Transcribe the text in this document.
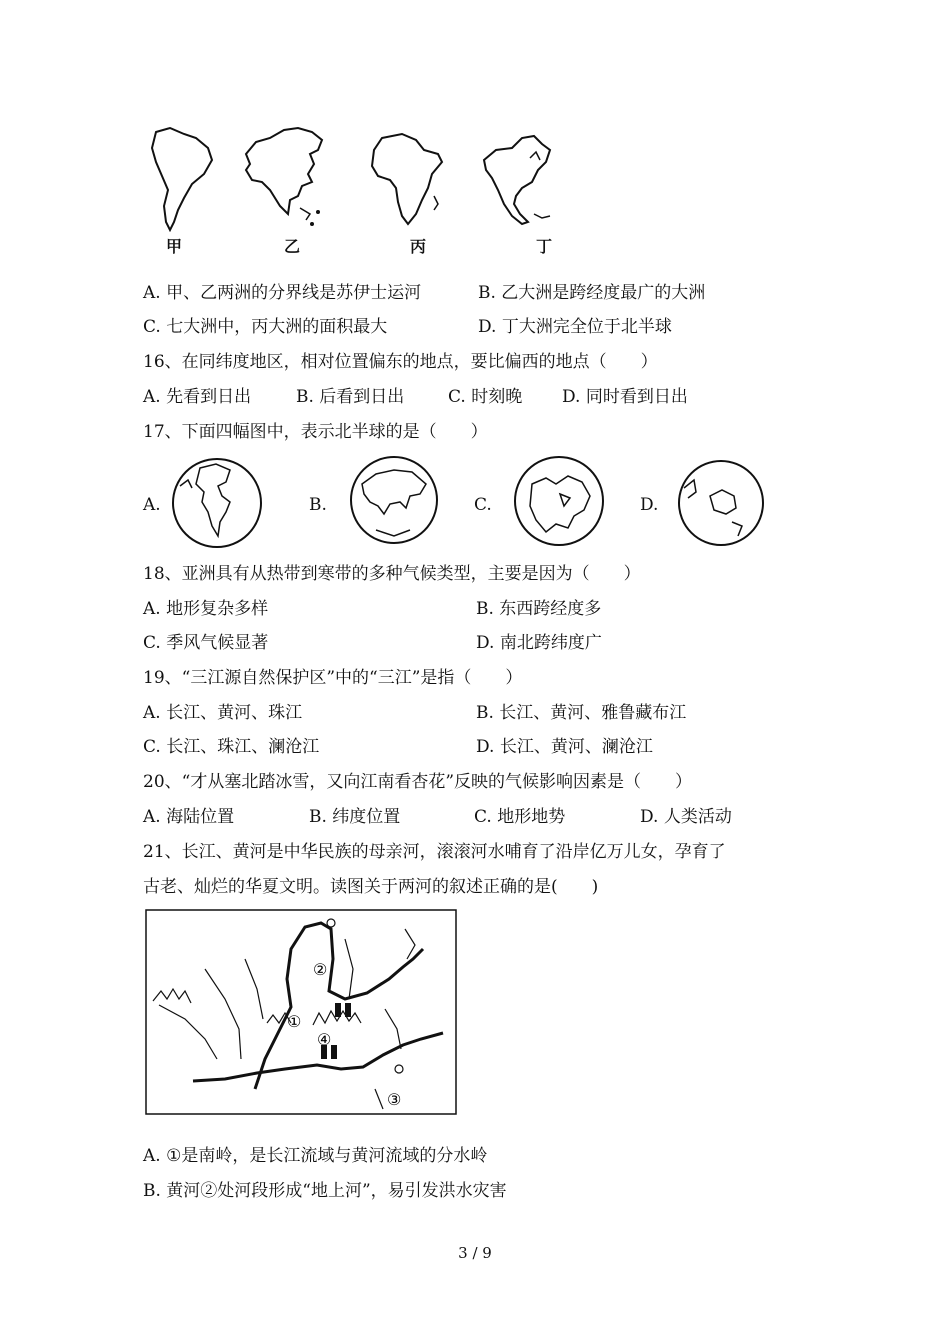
甲	乙	丙	丁
A. 甲、乙两洲的分界线是苏伊士运河	B. 乙大洲是跨经度最广的大洲
C. 七大洲中，丙大洲的面积最大	D. 丁大洲完全位于北半球
16、在同纬度地区，相对位置偏东的地点，要比偏西的地点（　　）
A. 先看到日出	B. 后看到日出	C. 时刻晚 D. 同时看到日出
17、下面四幅图中，表示北半球的是（　　）
A.	B.	C.	D.
18、亚洲具有从热带到寒带的多种气候类型，主要是因为（　　）
A. 地形复杂多样	B. 东西跨经度多
C. 季风气候显著	D. 南北跨纬度广
19、“三江源自然保护区”中的“三江”是指（　　）
A. 长江、黄河、珠江	B. 长江、黄河、雅鲁藏布江
C. 长江、珠江、澜沧江	D. 长江、黄河、澜沧江
20、“才从塞北踏冰雪，又向江南看杏花”反映的气候影响因素是（　　）
A. 海陆位置	B. 纬度位置	C. 地形地势	D. 人类活动
21、长江、黄河是中华民族的母亲河，滚滚河水哺育了沿岸亿万儿女，孕育了
古老、灿烂的华夏文明。读图关于两河的叙述正确的是(　　)
①
②
③
④
A. ①是南岭，是长江流域与黄河流域的分水岭
B. 黄河②处河段形成“地上河”，易引发洪水灾害
3 / 9
